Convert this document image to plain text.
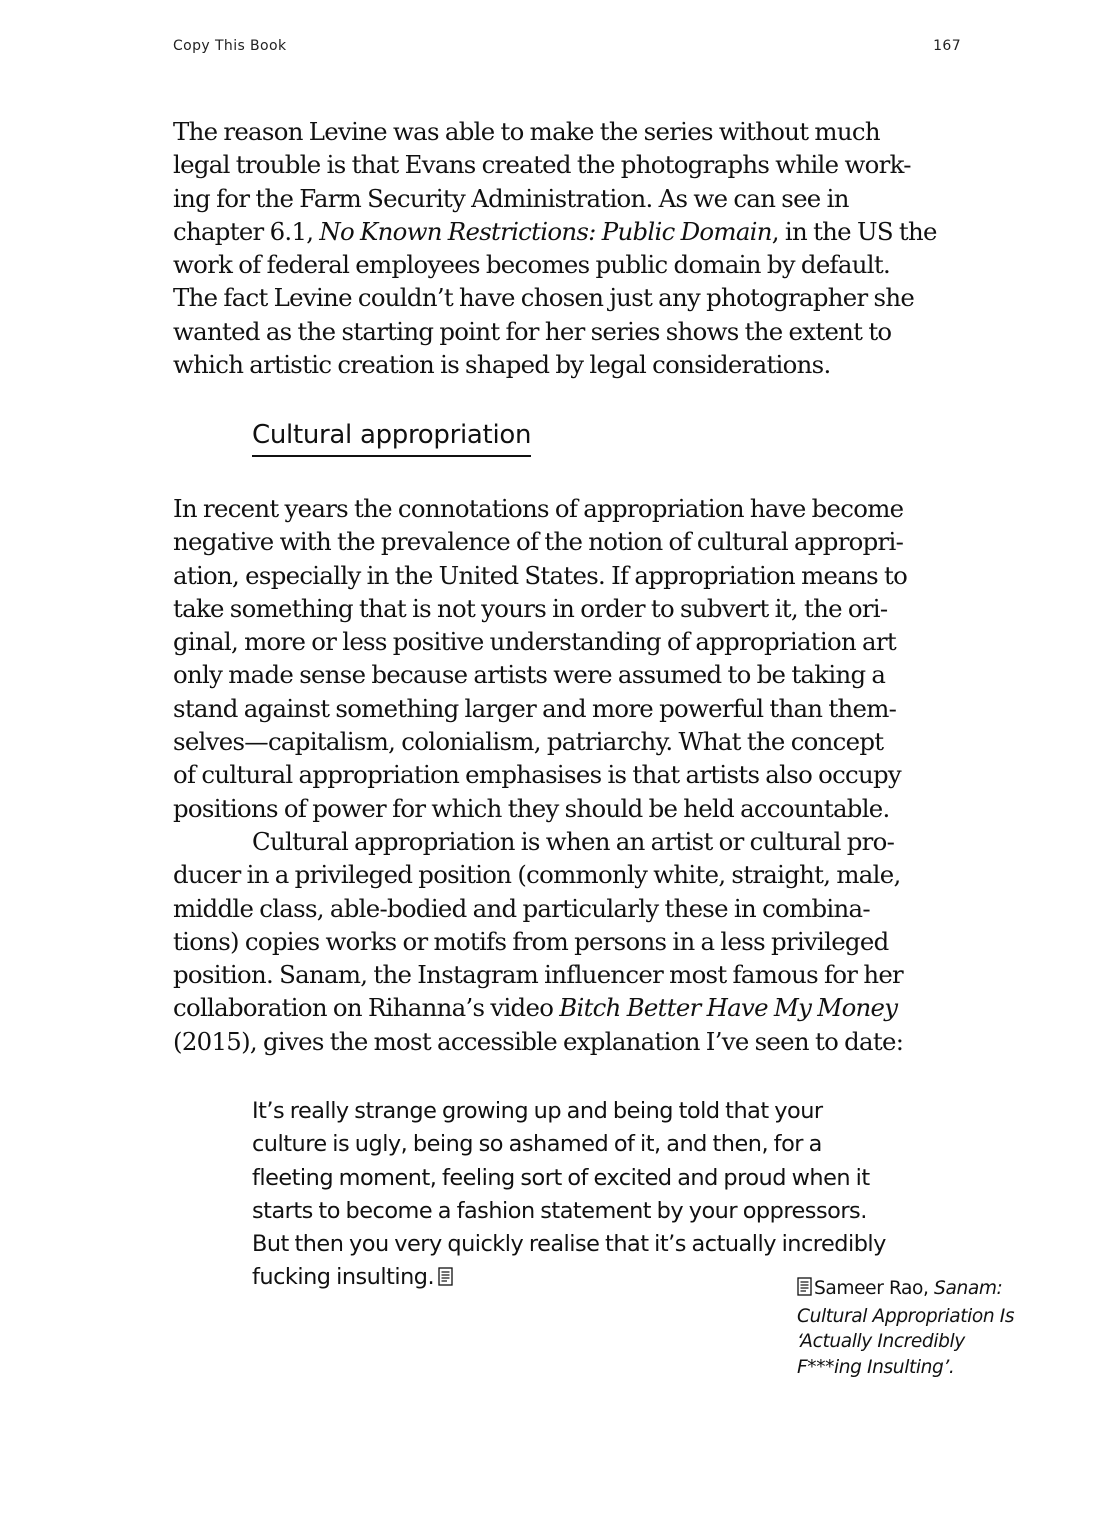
Copy This Book	167

The reason Levine was able to make the series without much
legal trouble is that Evans created the photographs while work-
ing for the Farm Security Administration. As we can see in
chapter 6.1, No Known Restrictions: Public Domain, in the US the
work of federal employees becomes public domain by default.
The fact Levine couldn’t have chosen just any photographer she
wanted as the starting point for her series shows the extent to
which artistic creation is shaped by legal considerations.

Cultural appropriation
In recent years the connotations of appropriation have become
negative with the prevalence of the notion of cultural appropri-
ation, especially in the United States. If appropriation means to
take something that is not yours in order to subvert it, the ori-
ginal, more or less positive understanding of appropriation art
only made sense because artists were assumed to be taking a
stand against something larger and more powerful than them-
selves—capitalism, colonialism, patriarchy. What the concept
of cultural appropriation emphasises is that artists also occupy
positions of power for which they should be held accountable.
Cultural appropriation is when an artist or cultural pro-
ducer in a privileged position (commonly white, straight, male,
middle class, able-bodied and particularly these in combina-
tions) copies works or motifs from persons in a less privileged
position. Sanam, the Instagram influencer most famous for her
collaboration on Rihanna’s video Bitch Better Have My Money
(2015), gives the most accessible explanation I’ve seen to date:
It’s really strange growing up and being told that your
culture is ugly, being so ashamed of it, and then, for a
fleeting moment, feeling sort of excited and proud when it
starts to become a fashion statement by your oppressors.
But then you very quickly realise that it’s actually incredibly
fucking insulting.	Sameer Rao, Sanam:
Cultural Appropriation Is
‘Actually Incredibly
F***ing Insulting’.
